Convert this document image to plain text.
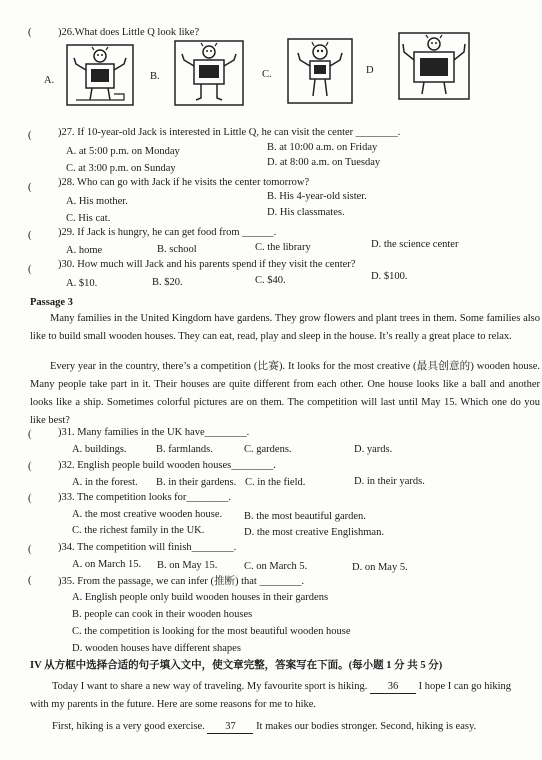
(	)26.What does Little Q look like?
A.	B.	C.	D
(	)27. If 10-year-old Jack is interested in Little Q, he can visit the center ________.
A. at 5:00 p.m. on Monday	B. at 10:00 a.m. on Friday
C. at 3:00 p.m. on Sunday
D. at 8:00 a.m. on Tuesday
(	)28. Who can go with Jack if he visits the center tomorrow?
A. His mother.	B. His 4-year-old sister.
C. His cat.
D. His classmates.
(	)29. If Jack is hungry, he can get food from ______.
A. home	B. school	C. the library	D. the science center
(	)30. How much will Jack and his parents spend if they visit the center?
A. $10.	B. $20.	C. $40.	D. $100.
Passage 3
Many families in the United Kingdom have gardens. They grow flowers and plant trees in them. Some families also like to build small wooden houses. They can eat, read, play and sleep in the house. It’s really a great place to relax.
Every year in the country, there’s a competition (比赛). It looks for the most creative (最具创意的) wooden house. Many people take part in it. Their houses are quite different from each other. One house looks like a ball and another looks like a ship. Sometimes colorful pictures are on them. The competition will last until May 15. Which one do you like best?
(	)31. Many families in the UK have________.
A. buildings.	B. farmlands.	C. gardens.	D. yards.
(	)32. English people build wooden houses________.
A. in the forest. B. in their gardens. C. in the field.	D. in their yards.
(	)33. The competition looks for________.
A. the most creative wooden house. B. the most beautiful garden.
C. the richest family in the UK.	D. the most creative Englishman.
(	)34. The competition will finish________.
A. on March 15. B. on May 15.	C. on March 5.	D. on May 5.
(	)35. From the passage, we can infer (推断) that ________.
A. English people only build wooden houses in their gardens
B. people can cook in their wooden houses
C. the competition is looking for the most beautiful wooden house
D. wooden houses have different shapes
IV 从方框中选择合适的句子填入文中，使文章完整，答案写在下面。(每小题 1 分 共 5 分)
Today I want to share a new way of traveling. My favourite sport is hiking. 36 I hope I can go hiking
with my parents in the future. Here are some reasons for me to hike.
First, hiking is a very good exercise. 37 It makes our bodies stronger. Second, hiking is easy.
